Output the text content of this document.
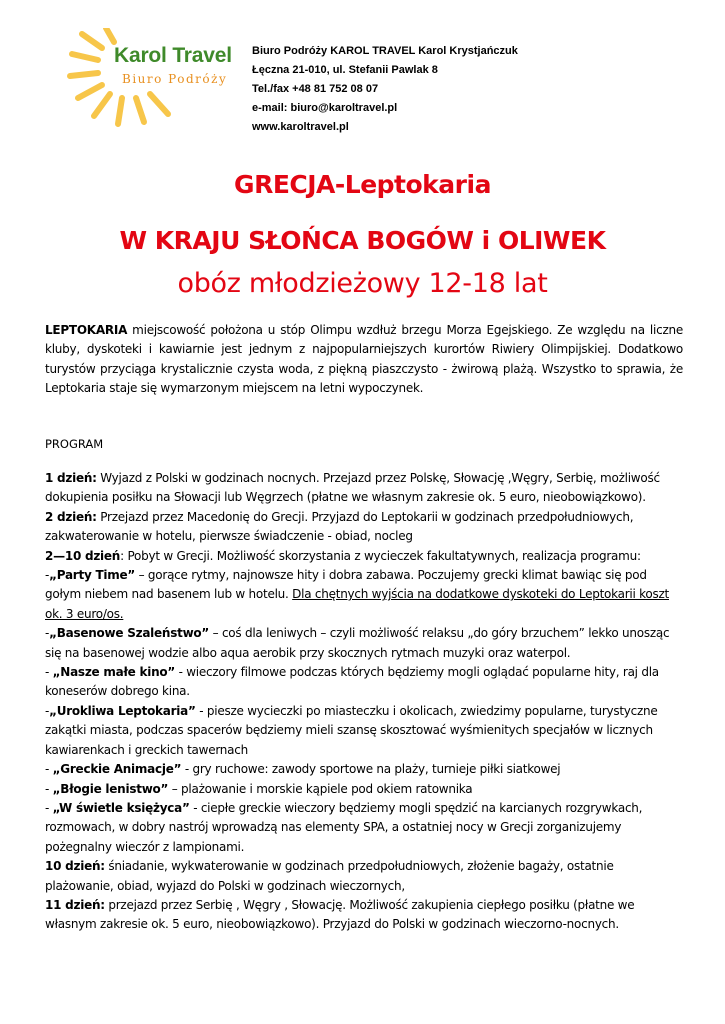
Karol Travel
Biuro Podróży
Biuro Podróży KAROL TRAVEL Karol Krystjańczuk
Łęczna 21-010, ul. Stefanii Pawlak 8
Tel./fax +48 81 752 08 07
e-mail: biuro@karoltravel.pl
www.karoltravel.pl
GRECJA-Leptokaria
W KRAJU SŁOŃCA BOGÓW i OLIWEK
obóz młodzieżowy 12-18 lat
LEPTOKARIA miejscowość położona u stóp Olimpu wzdłuż brzegu Morza Egejskiego. Ze względu na liczne kluby, dyskoteki i kawiarnie jest jednym z najpopularniejszych kurortów Riwiery Olimpijskiej. Dodatkowo turystów przyciąga krystalicznie czysta woda, z piękną piaszczysto - żwirową plażą. Wszystko to sprawia, że Leptokaria staje się wymarzonym miejscem na letni wypoczynek.
PROGRAM

1 dzień: Wyjazd z Polski w godzinach nocnych. Przejazd przez Polskę, Słowację ,Węgry, Serbię, możliwość dokupienia posiłku na Słowacji lub Węgrzech (płatne we własnym zakresie ok. 5 euro, nieobowiązkowo).

2 dzień: Przejazd przez Macedonię do Grecji. Przyjazd do Leptokarii w godzinach przedpołudniowych, zakwaterowanie w hotelu, pierwsze świadczenie - obiad, nocleg

2—10 dzień: Pobyt w Grecji. Możliwość skorzystania z wycieczek fakultatywnych, realizacja programu:

-„Party Time” – gorące rytmy, najnowsze hity i dobra zabawa. Poczujemy grecki klimat bawiąc się pod gołym niebem nad basenem lub w hotelu. Dla chętnych wyjścia na dodatkowe dyskoteki do Leptokarii koszt ok. 3 euro/os.

-„Basenowe Szaleństwo” – coś dla leniwych – czyli możliwość relaksu „do góry brzuchem” lekko unosząc się na basenowej wodzie albo aqua aerobik przy skocznych rytmach muzyki oraz waterpol.

- „Nasze małe kino” - wieczory filmowe podczas których będziemy mogli oglądać popularne hity, raj dla koneserów dobrego kina.

-„Urokliwa Leptokaria” - piesze wycieczki po miasteczku i okolicach, zwiedzimy popularne, turystyczne zakątki miasta, podczas spacerów będziemy mieli szansę skosztować wyśmienitych specjałów w licznych kawiarenkach i greckich tawernach

- „Greckie Animacje” - gry ruchowe: zawody sportowe na plaży, turnieje piłki siatkowej

- „Błogie lenistwo” – plażowanie i morskie kąpiele pod okiem ratownika

- „W świetle księżyca” - ciepłe greckie wieczory będziemy mogli spędzić na karcianych rozgrywkach, rozmowach, w dobry nastrój wprowadzą nas elementy SPA, a ostatniej nocy w Grecji zorganizujemy pożegnalny wieczór z lampionami.

10 dzień: śniadanie, wykwaterowanie w godzinach przedpołudniowych, złożenie bagaży, ostatnie plażowanie, obiad, wyjazd do Polski w godzinach wieczornych,

11 dzień: przejazd przez Serbię , Węgry , Słowację. Możliwość zakupienia ciepłego posiłku (płatne we własnym zakresie ok. 5 euro, nieobowiązkowo). Przyjazd do Polski w godzinach wieczorno-nocnych.
